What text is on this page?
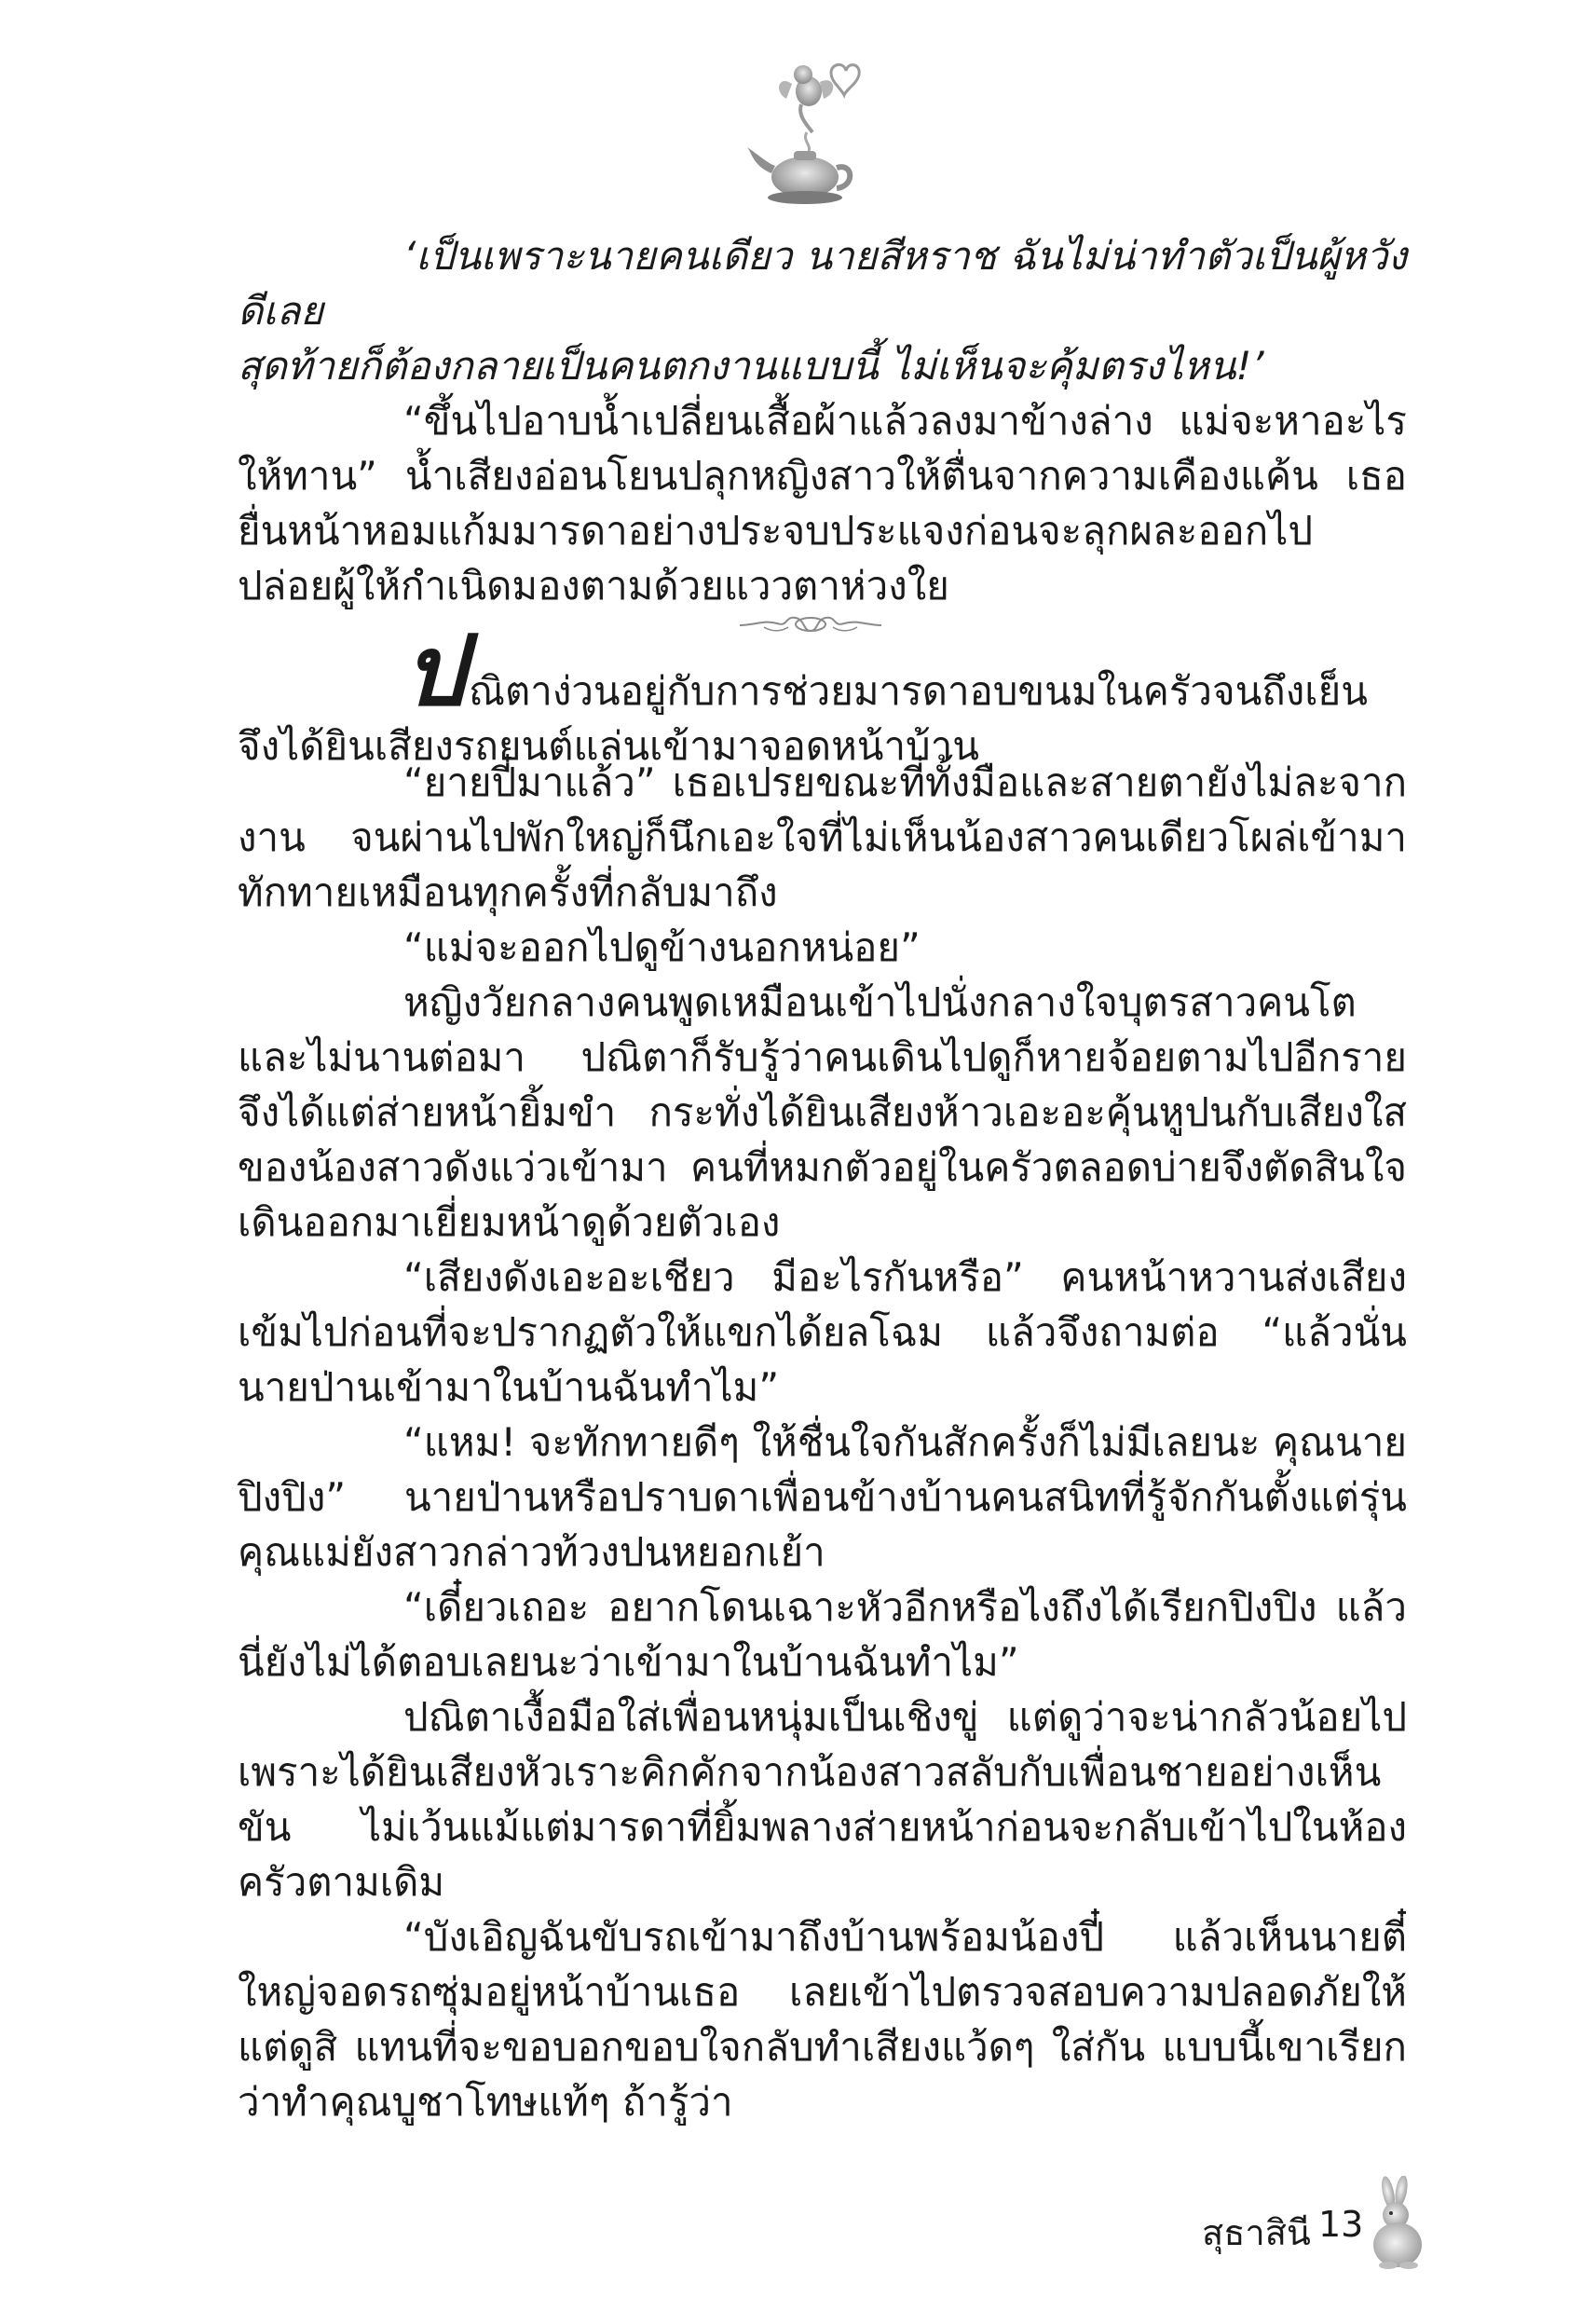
‘เป็นเพราะนายคนเดียว นายสีหราช ฉันไม่น่าทำตัวเป็นผู้หวังดีเลย
สุดท้ายก็ต้องกลายเป็นคนตกงานแบบนี้ ไม่เห็นจะคุ้มตรงไหน!’
“ขึ้นไปอาบน้ำเปลี่ยนเสื้อผ้าแล้วลงมาข้างล่าง แม่จะหาอะไรให้ทาน” น้ำเสียงอ่อนโยนปลุกหญิงสาวให้ตื่นจากความเคืองแค้น เธอยื่นหน้าหอมแก้มมารดาอย่างประจบประแจงก่อนจะลุกผละออกไป ปล่อยผู้ให้กำเนิดมองตามด้วยแววตาห่วงใย
ปณิตาง่วนอยู่กับการช่วยมารดาอบขนมในครัวจนถึงเย็นจึงได้ยินเสียงรถยนต์แล่นเข้ามาจอดหน้าบ้าน
“ยายปี๋มาแล้ว” เธอเปรยขณะที่ทั้งมือและสายตายังไม่ละจากงาน จนผ่านไปพักใหญ่ก็นึกเอะใจที่ไม่เห็นน้องสาวคนเดียวโผล่เข้ามาทักทายเหมือนทุกครั้งที่กลับมาถึง
“แม่จะออกไปดูข้างนอกหน่อย”
หญิงวัยกลางคนพูดเหมือนเข้าไปนั่งกลางใจบุตรสาวคนโต และไม่นานต่อมา ปณิตาก็รับรู้ว่าคนเดินไปดูก็หายจ้อยตามไปอีกราย จึงได้แต่ส่ายหน้ายิ้มขำ กระทั่งได้ยินเสียงห้าวเอะอะคุ้นหูปนกับเสียงใสของน้องสาวดังแว่วเข้ามา คนที่หมกตัวอยู่ในครัวตลอดบ่ายจึงตัดสินใจเดินออกมาเยี่ยมหน้าดูด้วยตัวเอง
“เสียงดังเอะอะเชียว มีอะไรกันหรือ” คนหน้าหวานส่งเสียงเข้มไปก่อนที่จะปรากฏตัวให้แขกได้ยลโฉม แล้วจึงถามต่อ “แล้วนั่นนายป่านเข้ามาในบ้านฉันทำไม”
“แหม! จะทักทายดีๆ ให้ชื่นใจกันสักครั้งก็ไม่มีเลยนะ คุณนายปิงปิง” นายป่านหรือปราบดาเพื่อนข้างบ้านคนสนิทที่รู้จักกันตั้งแต่รุ่นคุณแม่ยังสาวกล่าวท้วงปนหยอกเย้า
“เดี๋ยวเถอะ อยากโดนเฉาะหัวอีกหรือไงถึงได้เรียกปิงปิง แล้วนี่ยังไม่ได้ตอบเลยนะว่าเข้ามาในบ้านฉันทำไม”
ปณิตาเงื้อมือใส่เพื่อนหนุ่มเป็นเชิงขู่ แต่ดูว่าจะน่ากลัวน้อยไปเพราะได้ยินเสียงหัวเราะคิกคักจากน้องสาวสลับกับเพื่อนชายอย่างเห็นขัน ไม่เว้นแม้แต่มารดาที่ยิ้มพลางส่ายหน้าก่อนจะกลับเข้าไปในห้องครัวตามเดิม
“บังเอิญฉันขับรถเข้ามาถึงบ้านพร้อมน้องปี๋ แล้วเห็นนายตี๋ใหญ่จอดรถซุ่มอยู่หน้าบ้านเธอ เลยเข้าไปตรวจสอบความปลอดภัยให้ แต่ดูสิ แทนที่จะขอบอกขอบใจกลับทำเสียงแว้ดๆ ใส่กัน แบบนี้เขาเรียกว่าทำคุณบูชาโทษแท้ๆ ถ้ารู้ว่า
สุธาสินี 13
